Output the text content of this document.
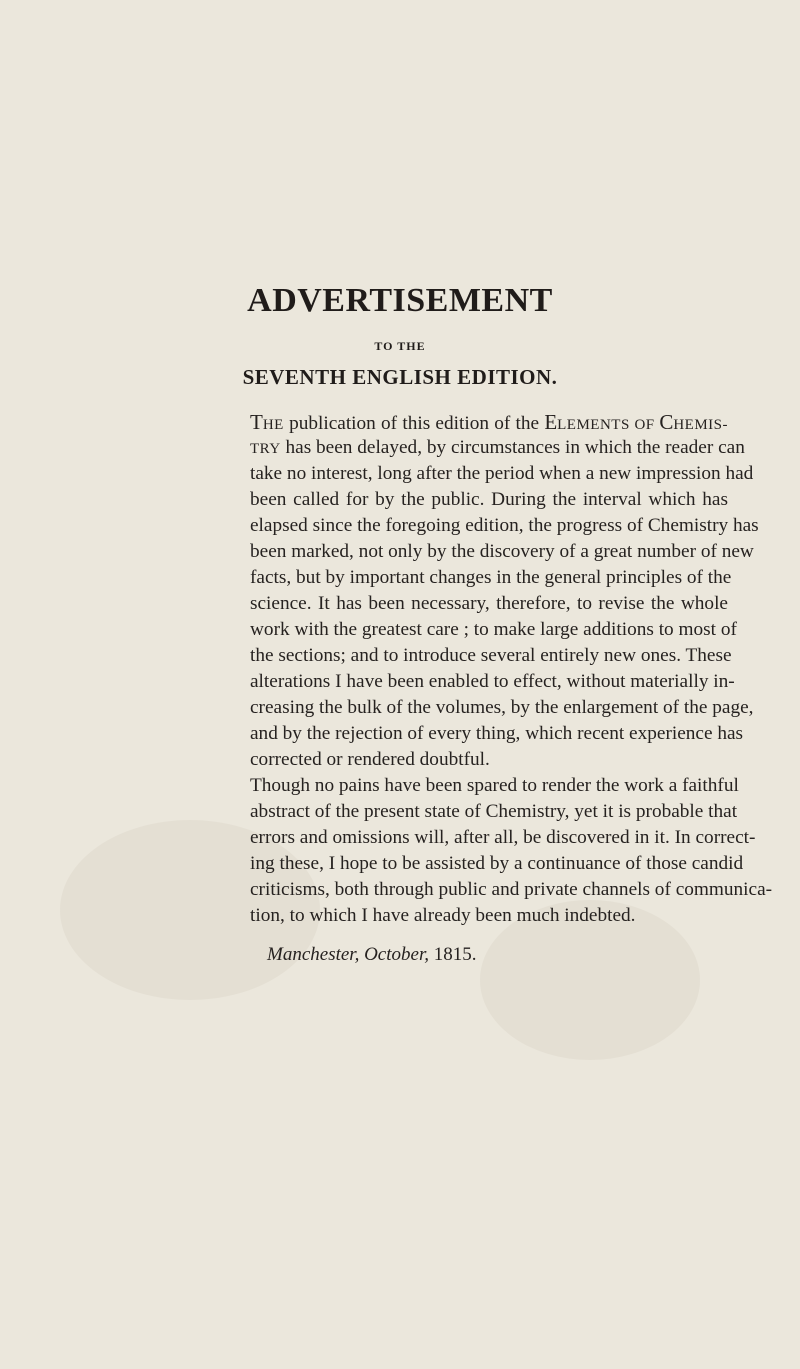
ADVERTISEMENT
TO THE
SEVENTH ENGLISH EDITION.

THE publication of this edition of the ELEMENTS OF CHEMIS-

TRY has been delayed, by circumstances in which the reader can

take no interest, long after the period when a new impression had

been called for by the public. During the interval which has

elapsed since the foregoing edition, the progress of Chemistry has

been marked, not only by the discovery of a great number of new

facts, but by important changes in the general principles of the

science. It has been necessary, therefore, to revise the whole

work with the greatest care ; to make large additions to most of

the sections; and to introduce several entirely new ones. These

alterations I have been enabled to effect, without materially in-

creasing the bulk of the volumes, by the enlargement of the page,

and by the rejection of every thing, which recent experience has

corrected or rendered doubtful.

Though no pains have been spared to render the work a faithful

abstract of the present state of Chemistry, yet it is probable that

errors and omissions will, after all, be discovered in it. In correct-

ing these, I hope to be assisted by a continuance of those candid

criticisms, both through public and private channels of communica-

tion, to which I have already been much indebted.

Manchester, October, 1815.
